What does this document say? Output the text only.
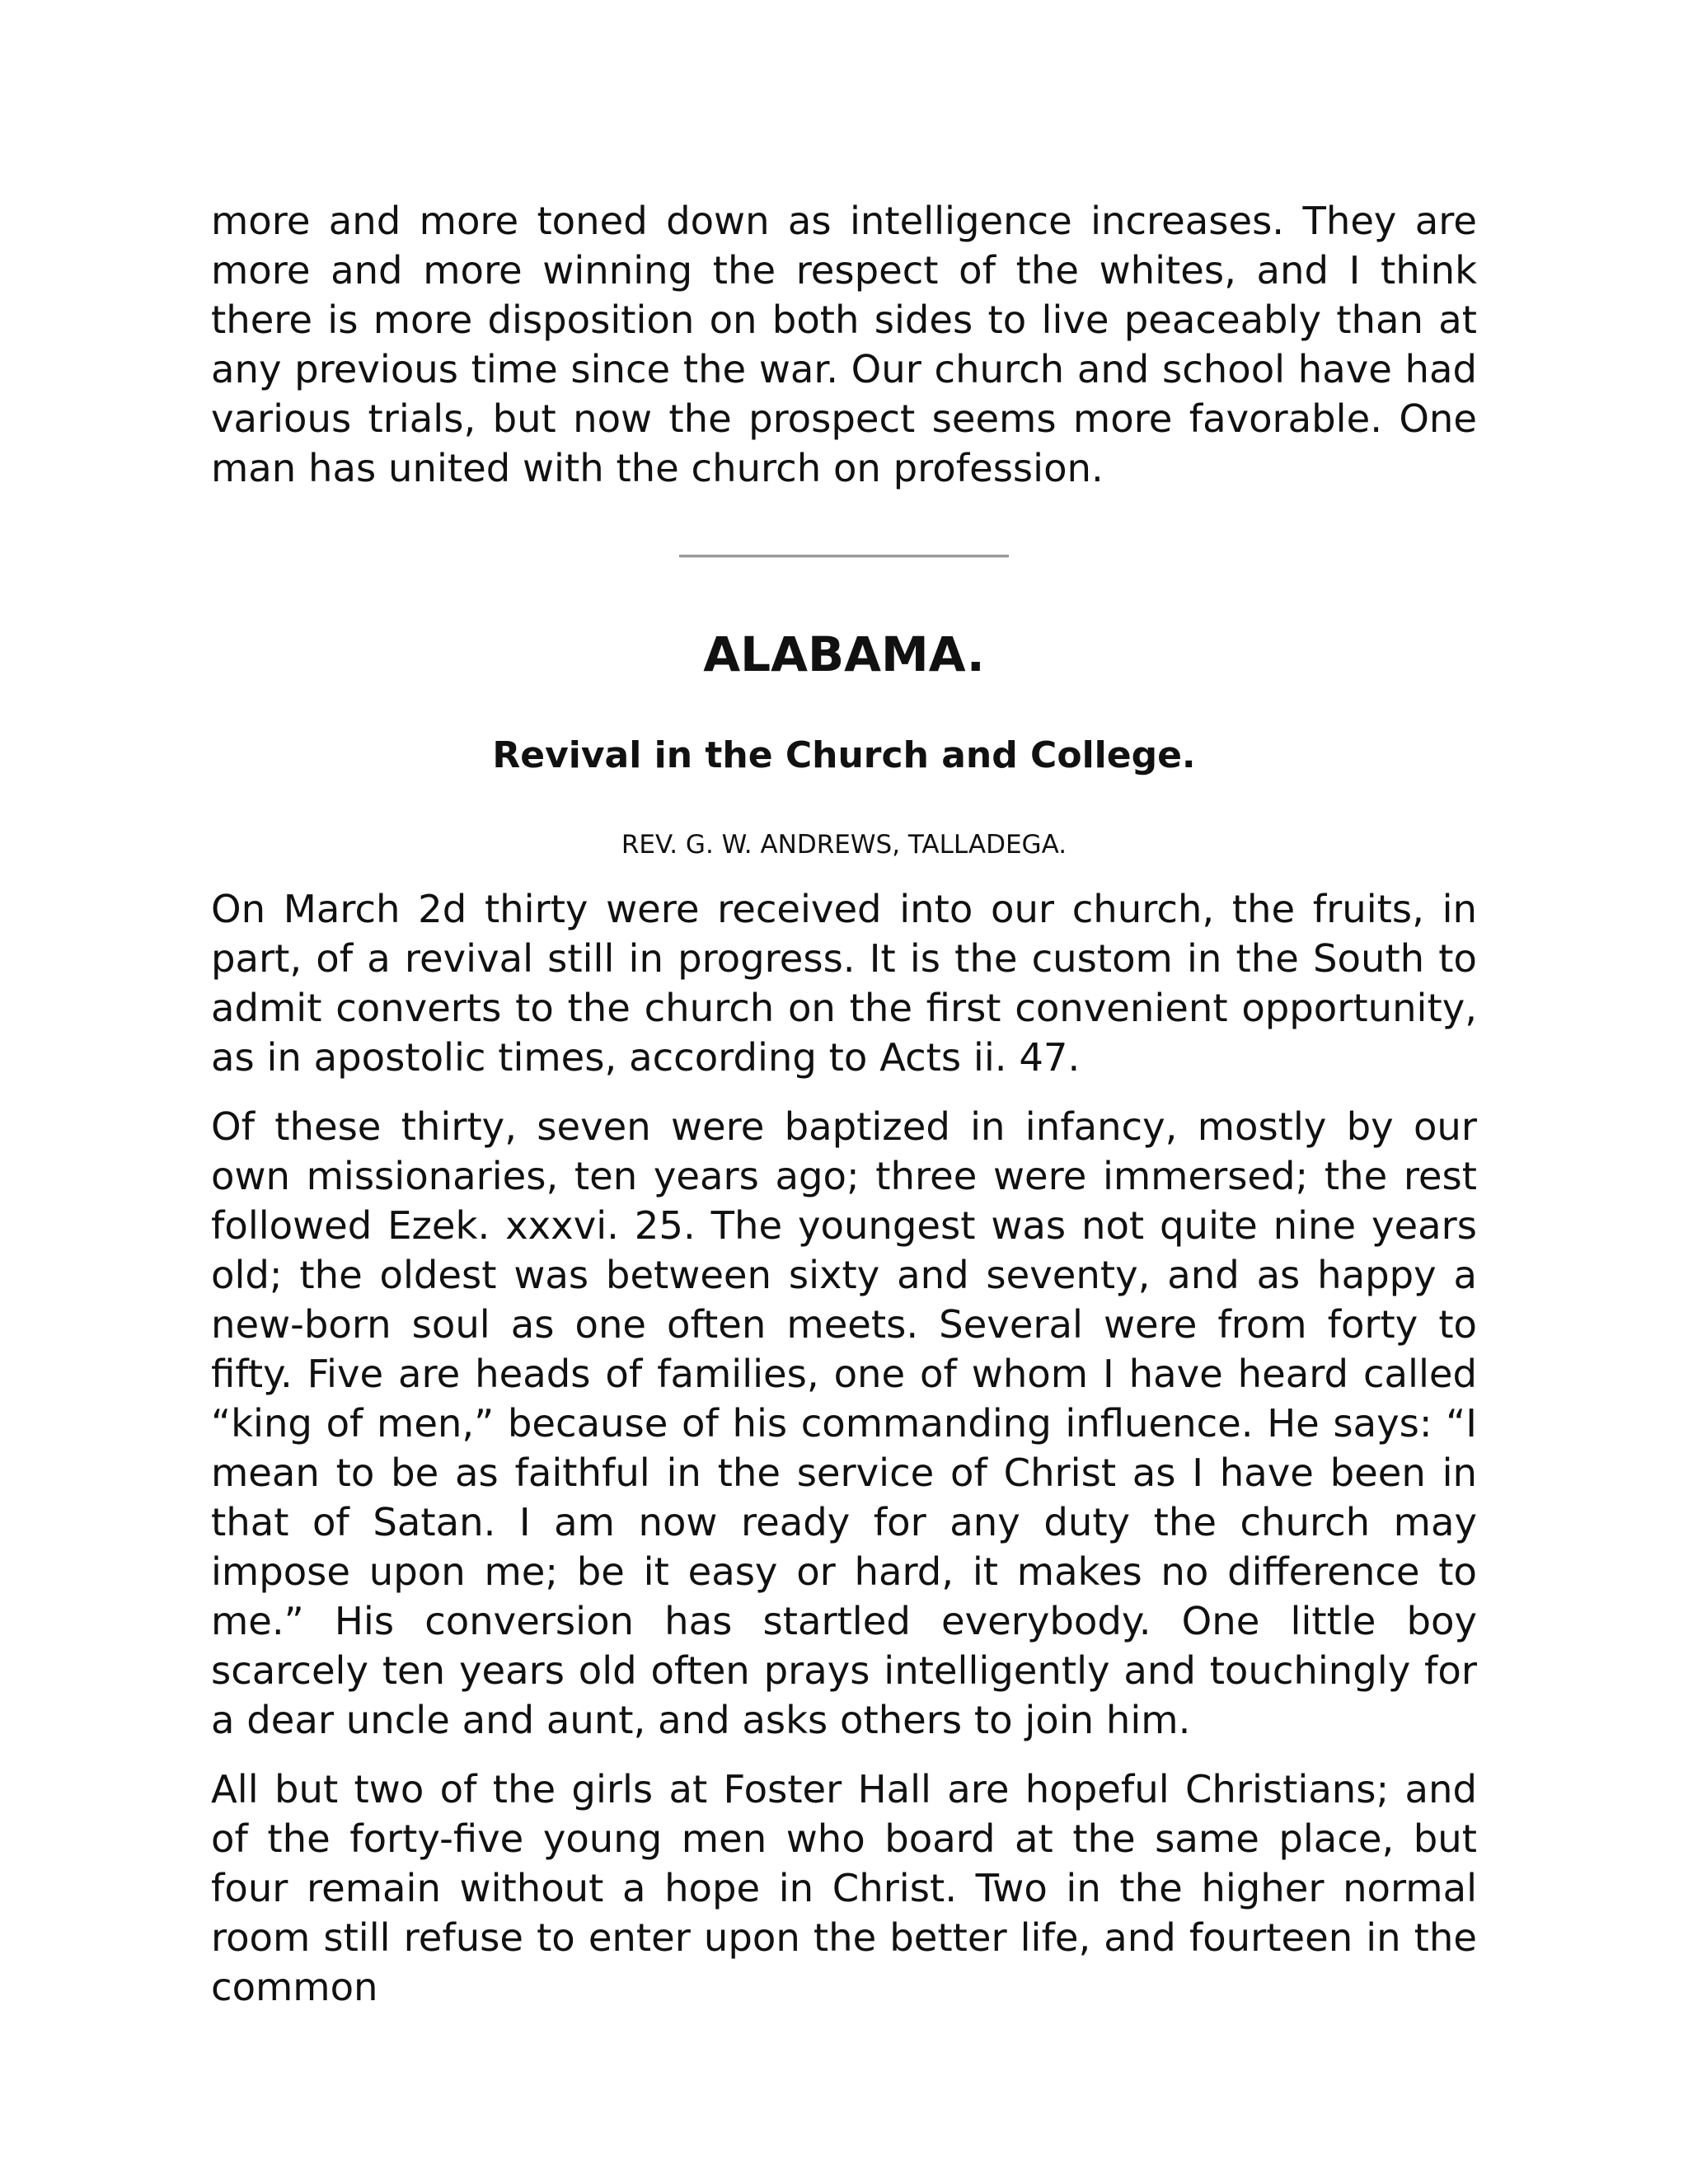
more and more toned down as intelligence increases. They are more and more winning the respect of the whites, and I think there is more disposition on both sides to live peaceably than at any previous time since the war. Our church and school have had various trials, but now the prospect seems more favorable. One man has united with the church on profession.

ALABAMA.
Revival in the Church and College.
REV. G. W. ANDREWS, TALLADEGA.

On March 2d thirty were received into our church, the fruits, in part, of a revival still in progress. It is the custom in the South to admit converts to the church on the first convenient opportunity, as in apostolic times, according to Acts ii. 47.

Of these thirty, seven were baptized in infancy, mostly by our own missionaries, ten years ago; three were immersed; the rest followed Ezek. xxxvi. 25. The youngest was not quite nine years old; the oldest was between sixty and seventy, and as happy a new-born soul as one often meets. Several were from forty to fifty. Five are heads of families, one of whom I have heard called “king of men,” because of his commanding influence. He says: “I mean to be as faithful in the service of Christ as I have been in that of Satan. I am now ready for any duty the church may impose upon me; be it easy or hard, it makes no difference to me.” His conversion has startled everybody. One little boy scarcely ten years old often prays intelligently and touchingly for a dear uncle and aunt, and asks others to join him.

All but two of the girls at Foster Hall are hopeful Christians; and of the forty-five young men who board at the same place, but four remain without a hope in Christ. Two in the higher normal room still refuse to enter upon the better life, and fourteen in the common
